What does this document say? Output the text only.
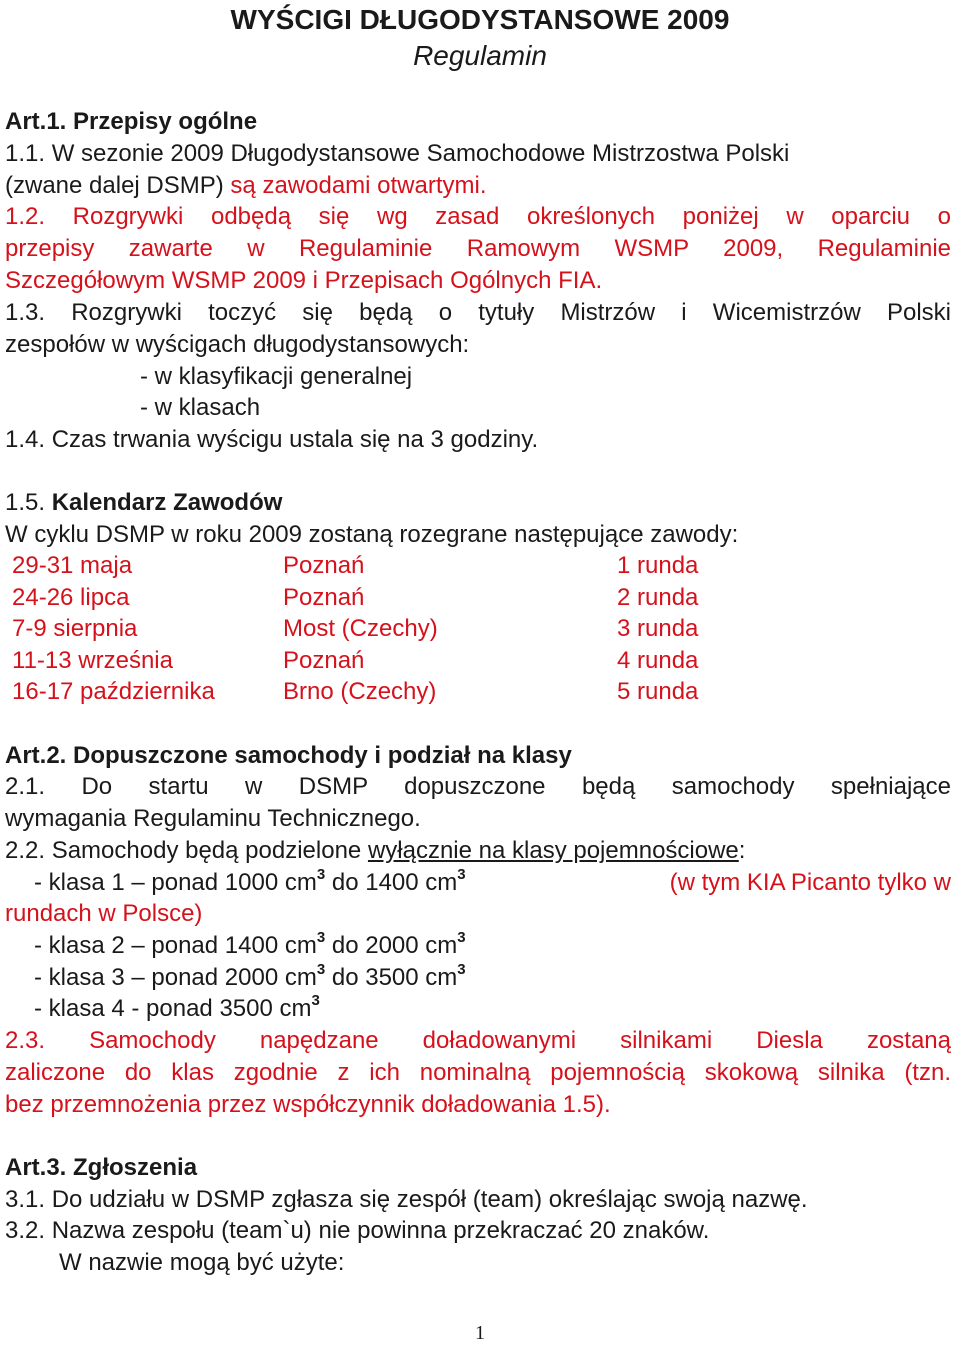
WYŚCIGI DŁUGODYSTANSOWE 2009
Regulamin
Art.1. Przepisy ogólne
1.1. W sezonie 2009 Długodystansowe Samochodowe Mistrzostwa Polski
(zwane dalej DSMP) są zawodami otwartymi.
1.2. Rozgrywki odbędą się wg zasad określonych poniżej w oparciu o
przepisy zawarte w Regulaminie Ramowym WSMP 2009, Regulaminie
Szczegółowym WSMP 2009 i Przepisach Ogólnych FIA.
1.3. Rozgrywki toczyć się będą o tytuły Mistrzów i Wicemistrzów Polski
zespołów w wyścigach długodystansowych:
- w klasyfikacji generalnej
- w klasach
1.4. Czas trwania wyścigu ustala się na 3 godziny.
1.5. Kalendarz Zawodów
W cyklu DSMP w roku 2009 zostaną rozegrane następujące zawody:
29-31 maja	Poznań	1 runda
24-26 lipca	Poznań	2 runda
7-9 sierpnia	Most (Czechy)	3 runda
11-13 września	Poznań	4 runda
16-17 października	Brno (Czechy)	5 runda
Art.2. Dopuszczone samochody i podział na klasy
2.1. Do startu w DSMP dopuszczone będą samochody spełniające
wymagania Regulaminu Technicznego.
2.2. Samochody będą podzielone wyłącznie na klasy pojemnościowe:
- klasa 1 – ponad 1000 $cm^3$ do 1400 $cm^3$	(w tym KIA Picanto tylko w
rundach w Polsce)
- klasa 2 – ponad 1400 $cm^3$ do 2000 $cm^3$
- klasa 3 – ponad 2000 $cm^3$ do 3500 $cm^3$
- klasa 4 - ponad 3500 $cm^3$
2.3. Samochody napędzane doładowanymi silnikami Diesla zostaną
zaliczone do klas zgodnie z ich nominalną pojemnością skokową silnika (tzn.
bez przemnożenia przez współczynnik doładowania 1.5).
Art.3. Zgłoszenia
3.1. Do udziału w DSMP zgłasza się zespół (team) określając swoją nazwę.
3.2. Nazwa zespołu (team`u) nie powinna przekraczać 20 znaków.
W nazwie mogą być użyte:
1
